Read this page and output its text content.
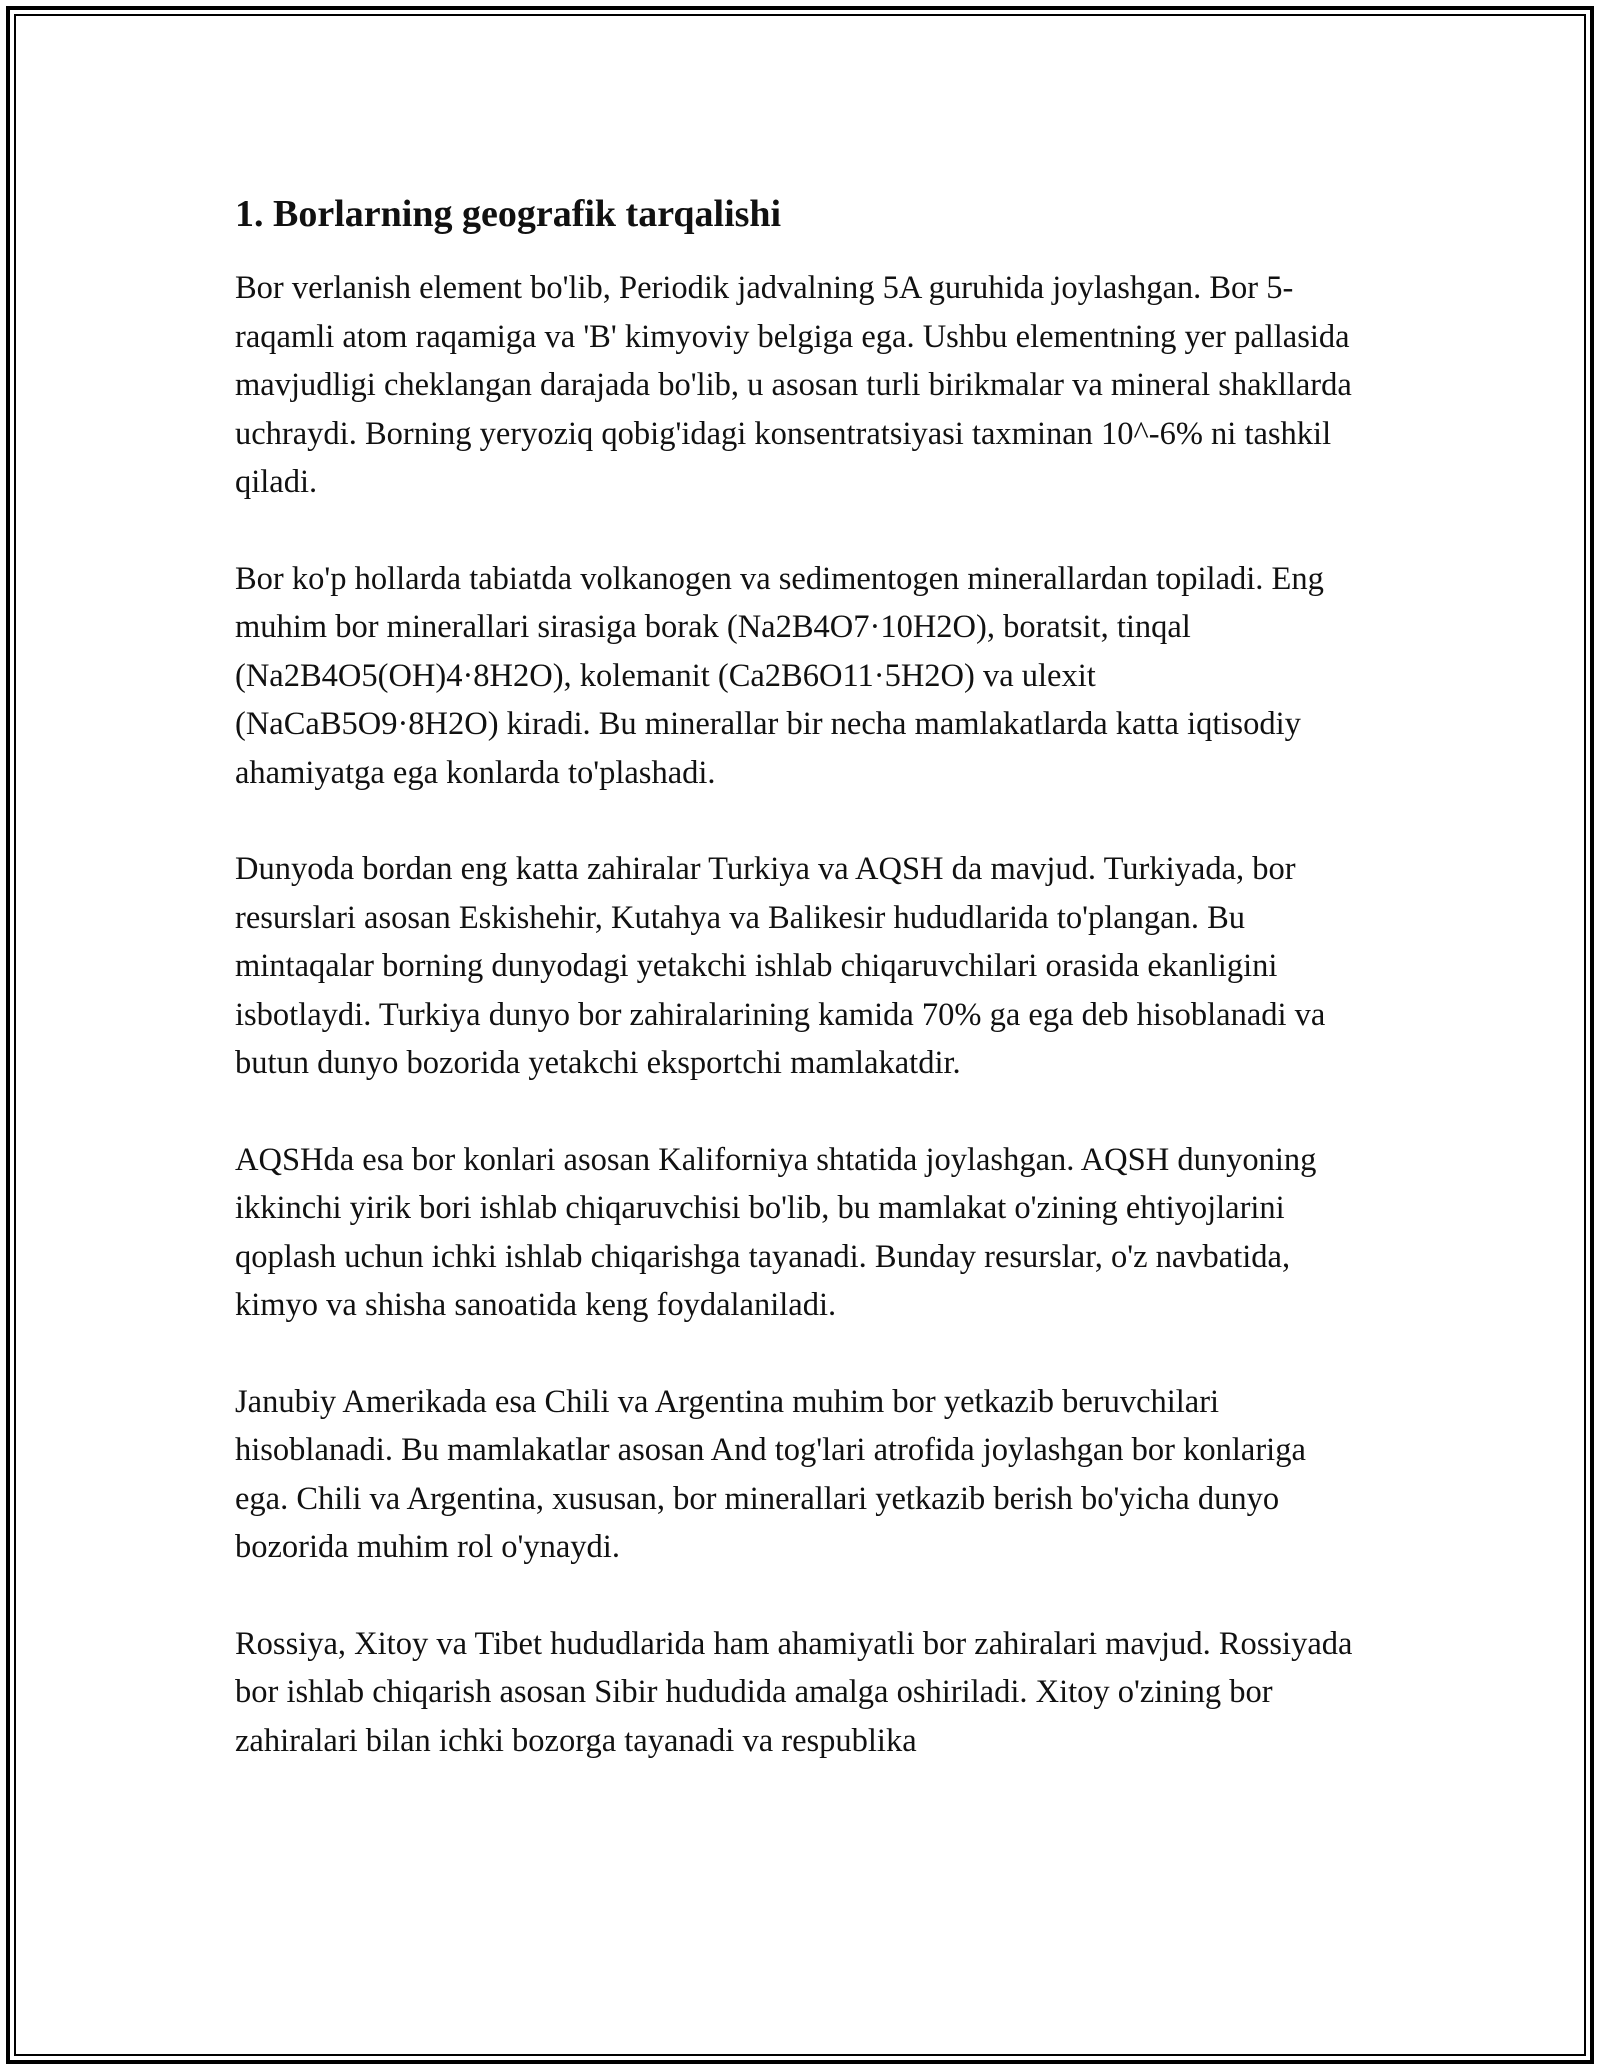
1. Borlarning geografik tarqalishi

Bor verlanish element bo'lib, Periodik jadvalning 5A guruhida joylashgan. Bor 5-raqamli atom raqamiga va 'B' kimyoviy belgiga ega. Ushbu elementning yer pallasida mavjudligi cheklangan darajada bo'lib, u asosan turli birikmalar va mineral shakllarda uchraydi. Borning yeryoziq qobig'idagi konsentratsiyasi taxminan 10^-6% ni tashkil qiladi.

Bor ko'p hollarda tabiatda volkanogen va sedimentogen minerallardan topiladi. Eng muhim bor minerallari sirasiga borak (Na2B4O7·10H2O), boratsit, tinqal (Na2B4O5(OH)4·8H2O), kolemanit (Ca2B6O11·5H2O) va ulexit (NaCaB5O9·8H2O) kiradi. Bu minerallar bir necha mamlakatlarda katta iqtisodiy ahamiyatga ega konlarda to'plashadi.

Dunyoda bordan eng katta zahiralar Turkiya va AQSH da mavjud. Turkiyada, bor resurslari asosan Eskishehir, Kutahya va Balikesir hududlarida to'plangan. Bu mintaqalar borning dunyodagi yetakchi ishlab chiqaruvchilari orasida ekanligini isbotlaydi. Turkiya dunyo bor zahiralarining kamida 70% ga ega deb hisoblanadi va butun dunyo bozorida yetakchi eksportchi mamlakatdir.

AQSHda esa bor konlari asosan Kaliforniya shtatida joylashgan. AQSH dunyoning ikkinchi yirik bori ishlab chiqaruvchisi bo'lib, bu mamlakat o'zining ehtiyojlarini qoplash uchun ichki ishlab chiqarishga tayanadi. Bunday resurslar, o'z navbatida, kimyo va shisha sanoatida keng foydalaniladi.

Janubiy Amerikada esa Chili va Argentina muhim bor yetkazib beruvchilari hisoblanadi. Bu mamlakatlar asosan And tog'lari atrofida joylashgan bor konlariga ega. Chili va Argentina, xususan, bor minerallari yetkazib berish bo'yicha dunyo bozorida muhim rol o'ynaydi.

Rossiya, Xitoy va Tibet hududlarida ham ahamiyatli bor zahiralari mavjud. Rossiyada bor ishlab chiqarish asosan Sibir hududida amalga oshiriladi. Xitoy o'zining bor zahiralari bilan ichki bozorga tayanadi va respublika
